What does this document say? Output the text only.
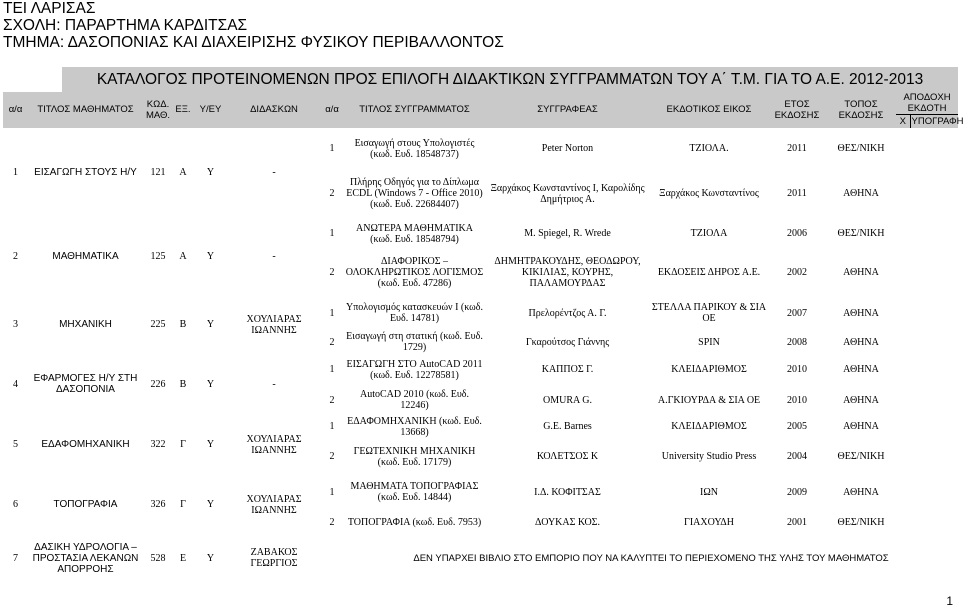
ΤΕΙ ΛΑΡΙΣΑΣ
ΣΧΟΛΗ: ΠΑΡΑΡΤΗΜΑ ΚΑΡΔΙΤΣΑΣ
ΤΜΗΜΑ: ΔΑΣΟΠΟΝΙΑΣ ΚΑΙ ΔΙΑΧΕΙΡΙΣΗΣ ΦΥΣΙΚΟΥ ΠΕΡΙΒΑΛΛΟΝΤΟΣ
ΚΑΤΑΛΟΓΟΣ ΠΡΟΤΕΙΝΟΜΕΝΩΝ ΠΡΟΣ ΕΠΙΛΟΓΗ ΔΙΔΑΚΤΙΚΩΝ ΣΥΓΓΡΑΜΜΑΤΩΝ ΤΟΥ Α΄ Τ.Μ. ΓΙΑ ΤΟ Α.Ε. 2012-2013
α/α	ΤΙΤΛΟΣ ΜΑΘΗΜΑΤΟΣ	ΚΩΔ. ΜΑΘ.	ΕΞ.	Υ/ΕΥ	ΔΙΔΑΣΚΩΝ	α/α	ΤΙΤΛΟΣ ΣΥΓΓΡΑΜΜΑΤΟΣ	ΣΥΓΓΡΑΦΕΑΣ	ΕΚΔΟΤΙΚΟΣ ΕΙΚΟΣ	ΕΤΟΣ ΕΚΔΟΣΗΣ	ΤΟΠΟΣ ΕΚΔΟΣΗΣ	ΑΠΟΔΟΧΗ ΕΚΔΟΤΗ	
												Χ	ΥΠΟΓΡΑΦΗ
1	ΕΙΣΑΓΩΓΗ ΣΤΟΥΣ Η/Υ	121	Α	Υ	-	1	Εισαγωγή στους Υπολογιστές (κωδ. Ευδ. 18548737)	Peter Norton	ΤΖΙΟΛΑ.	2011	ΘΕΣ/ΝΙΚΗ		
						2	Πλήρης Οδηγός για το Δίπλωμα ECDL (Windows 7 - Office 2010) (κωδ. Ευδ. 22684407)	Ξαρχάκος Κωνσταντίνος Ι, Καρολίδης Δημήτριος Α.	Ξαρχάκος Κωνσταντίνος	2011	ΑΘΗΝΑ		
2	ΜΑΘΗΜΑΤΙΚΑ	125	Α	Υ	-	1	ΑΝΩΤΕΡΑ ΜΑΘΗΜΑΤΙΚΑ (κωδ. Ευδ. 18548794)	M. Spiegel, R. Wrede	ΤΖΙΟΛΑ	2006	ΘΕΣ/ΝΙΚΗ		
						2	ΔΙΑΦΟΡΙΚΟΣ – ΟΛΟΚΛΗΡΩΤΙΚΟΣ ΛΟΓΙΣΜΟΣ (κωδ. Ευδ. 47286)	ΔΗΜΗΤΡΑΚΟΥΔΗΣ, ΘΕΟΔΩΡΟΥ, ΚΙΚΙΛΙΑΣ, ΚΟΥΡΗΣ, ΠΑΛΑΜΟΥΡΔΑΣ	ΕΚΔΟΣΕΙΣ ΔΗΡΟΣ Α.Ε.	2002	ΑΘΗΝΑ		
3	ΜΗΧΑΝΙΚΗ	225	Β	Υ	ΧΟΥΛΙΑΡΑΣ ΙΩΑΝΝΗΣ	1	Υπολογισμός κατασκευών Ι (κωδ. Ευδ. 14781)	Πρελορέντζος Α. Γ.	ΣΤΕΛΛΑ ΠΑΡΙΚΟΥ & ΣΙΑ ΟΕ	2007	ΑΘΗΝΑ		
						2	Εισαγωγή στη στατική (κωδ. Ευδ. 1729)	Γκαρούτσος Γιάννης	SPIN	2008	ΑΘΗΝΑ		
4	ΕΦΑΡΜΟΓΕΣ Η/Υ ΣΤΗ ΔΑΣΟΠΟΝΙΑ	226	Β	Υ	-	1	ΕΙΣΑΓΩΓΗ ΣΤΟ AutoCAD 2011 (κωδ. Ευδ. 12278581)	ΚΑΠΠΟΣ Γ.	ΚΛΕΙΔΑΡΙΘΜΟΣ	2010	ΑΘΗΝΑ		
						2	AutoCAD 2010 (κωδ. Ευδ. 12246)	OMURA G.	Α.ΓΚΙΟΥΡΔΑ & ΣΙΑ ΟΕ	2010	ΑΘΗΝΑ		
5	ΕΔΑΦΟΜΗΧΑΝΙΚΗ	322	Γ	Υ	ΧΟΥΛΙΑΡΑΣ ΙΩΑΝΝΗΣ	1	ΕΔΑΦΟΜΗΧΑΝΙΚΗ (κωδ. Ευδ. 13668)	G.E. Barnes	ΚΛΕΙΔΑΡΙΘΜΟΣ	2005	ΑΘΗΝΑ		
						2	ΓΕΩΤΕΧΝΙΚΗ ΜΗΧΑΝΙΚΗ (κωδ. Ευδ. 17179)	ΚΟΛΕΤΣΟΣ Κ	University Studio Press	2004	ΘΕΣ/ΝΙΚΗ		
6	ΤΟΠΟΓΡΑΦΙΑ	326	Γ	Υ	ΧΟΥΛΙΑΡΑΣ ΙΩΑΝΝΗΣ	1	ΜΑΘΗΜΑΤΑ ΤΟΠΟΓΡΑΦΙΑΣ (κωδ. Ευδ. 14844)	Ι.Δ. ΚΟΦΙΤΣΑΣ	ΙΩΝ	2009	ΑΘΗΝΑ		
						2	ΤΟΠΟΓΡΑΦΙΑ (κωδ. Ευδ. 7953)	ΔΟΥΚΑΣ ΚΟΣ.	ΓΙΑΧΟΥΔΗ	2001	ΘΕΣ/ΝΙΚΗ		
7	ΔΑΣΙΚΗ ΥΔΡΟΛΟΓΙΑ – ΠΡΟΣΤΑΣΙΑ ΛΕΚΑΝΩΝ ΑΠΟΡΡΟΗΣ	528	Ε	Υ	ΖΑΒΑΚΟΣ ΓΕΩΡΓΙΟΣ		ΔΕΝ ΥΠΑΡΧΕΙ ΒΙΒΛΙΟ ΣΤΟ ΕΜΠΟΡΙΟ ΠΟΥ ΝΑ ΚΑΛΥΠΤΕΙ ΤΟ ΠΕΡΙΕΧΟΜΕΝΟ ΤΗΣ ΥΛΗΣ ΤΟΥ ΜΑΘΗΜΑΤΟΣ						
1
